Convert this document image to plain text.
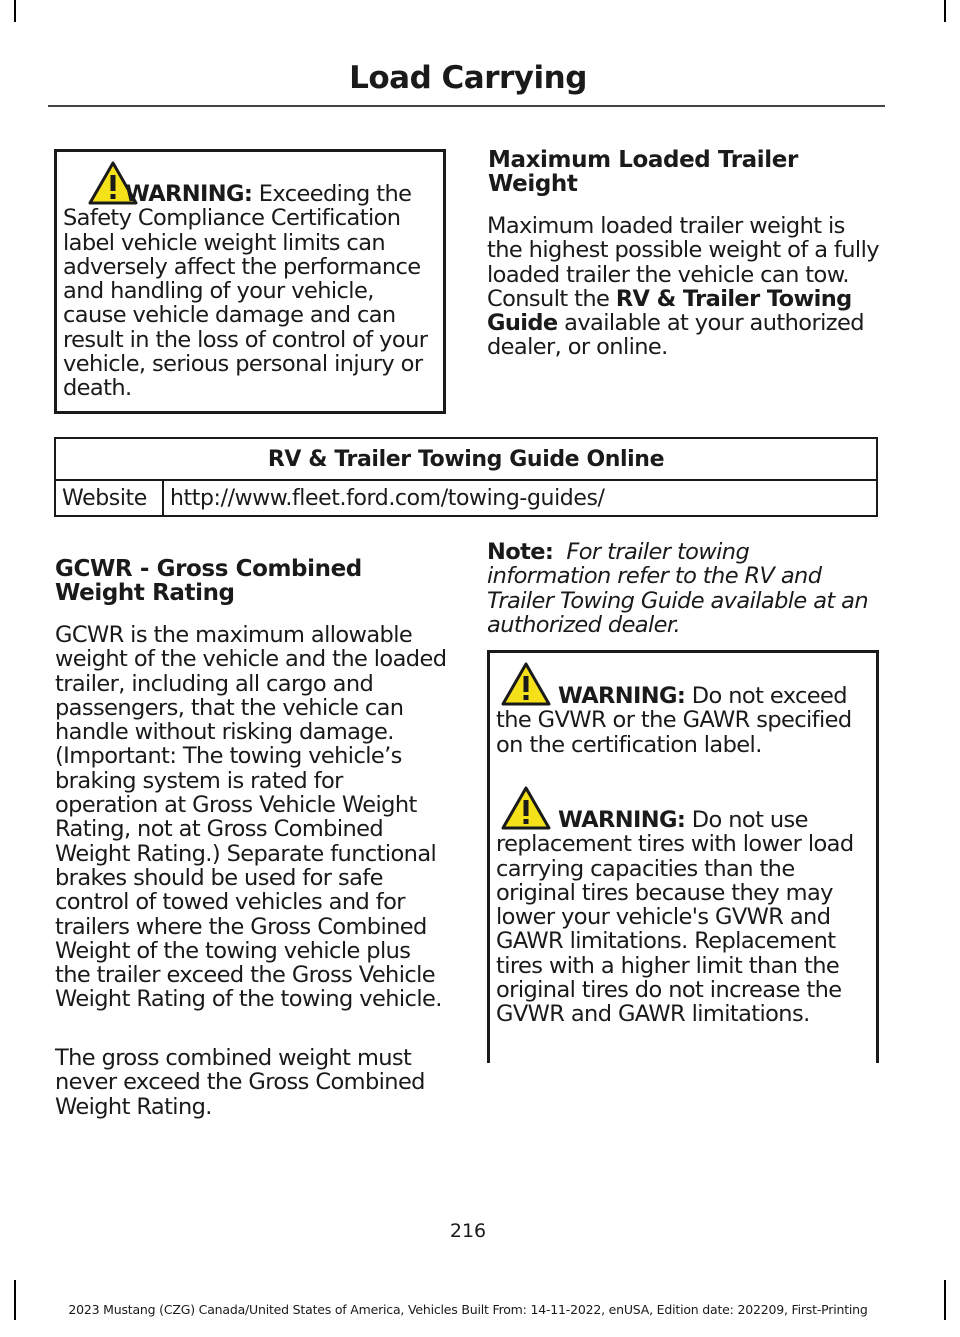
Load Carrying

WARNING: Exceeding the Safety Compliance Certification label vehicle weight limits can adversely affect the performance and handling of your vehicle, cause vehicle damage and can result in the loss of control of your vehicle, serious personal injury or death.

Maximum Loaded Trailer Weight

Maximum loaded trailer weight is the highest possible weight of a fully loaded trailer the vehicle can tow. Consult the RV & Trailer Towing Guide available at your authorized dealer, or online.

RV & Trailer Towing Guide Online
Website	http://www.fleet.ford.com/towing-guides/
GCWR - Gross Combined Weight Rating

GCWR is the maximum allowable weight of the vehicle and the loaded trailer, including all cargo and passengers, that the vehicle can handle without risking damage. (Important: The towing vehicle’s braking system is rated for operation at Gross Vehicle Weight Rating, not at Gross Combined Weight Rating.) Separate functional brakes should be used for safe control of towed vehicles and for trailers where the Gross Combined Weight of the towing vehicle plus the trailer exceed the Gross Vehicle Weight Rating of the towing vehicle.

The gross combined weight must never exceed the Gross Combined Weight Rating.

Note: For trailer towing information refer to the RV and Trailer Towing Guide available at an authorized dealer.

WARNING: Do not exceed the GVWR or the GAWR specified on the certification label.

WARNING: Do not use replacement tires with lower load carrying capacities than the original tires because they may lower your vehicle's GVWR and GAWR limitations. Replacement tires with a higher limit than the original tires do not increase the GVWR and GAWR limitations.

216
2023 Mustang (CZG) Canada/United States of America, Vehicles Built From: 14-11-2022, enUSA, Edition date: 202209, First-Printing
